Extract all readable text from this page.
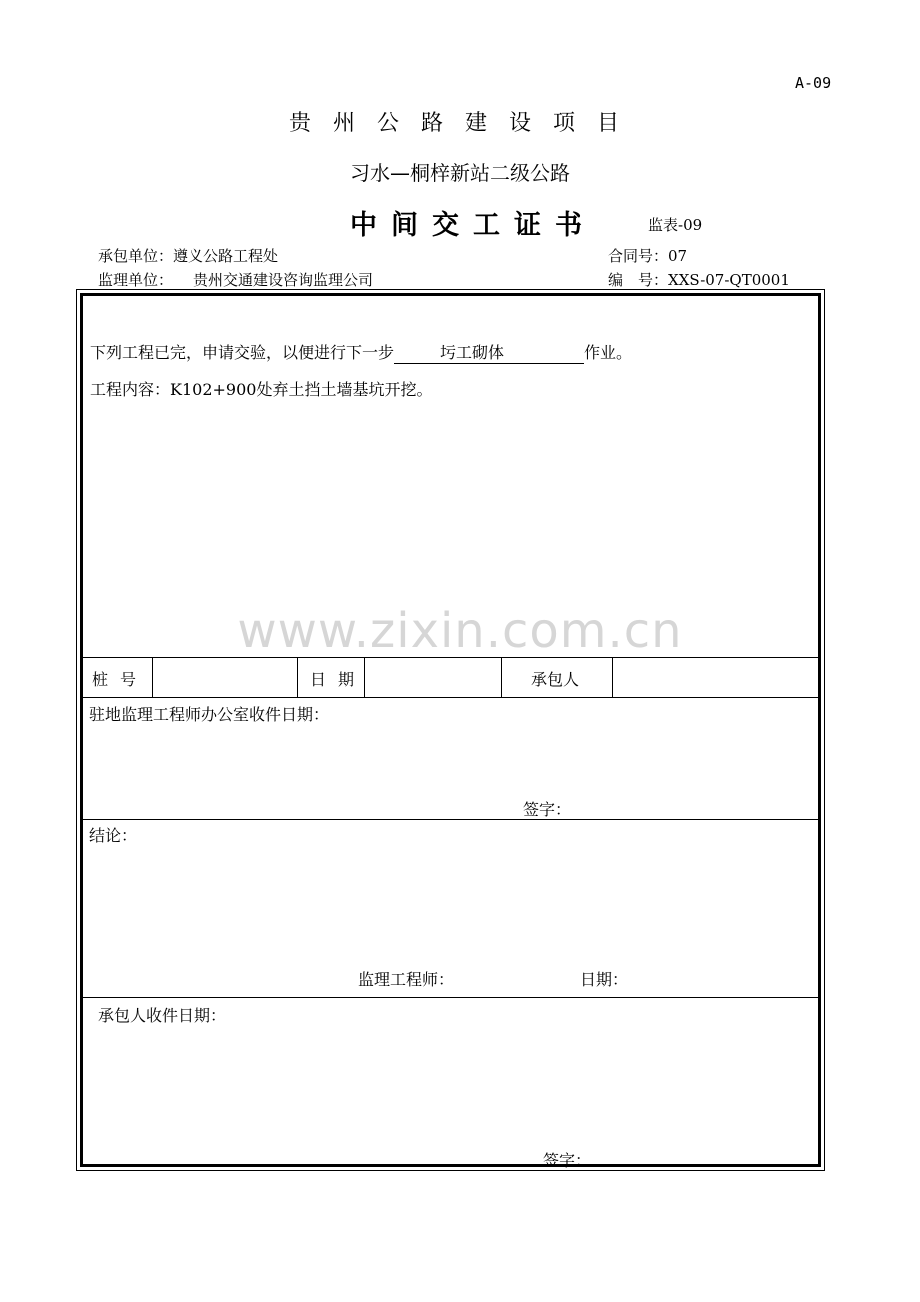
A-09
贵州公路建设项目
习水—桐梓新站二级公路
中间交工证书	监表-09
承包单位：遵义公路工程处	合同号：07
监理单位： 贵州交通建设咨询监理公司	编　号：XXS-07-QT0001
下列工程已完，申请交验，以便进行下一步	圬工砌体	作业。
工程内容：K102+900处弃土挡土墙基坑开挖。
www.zixin.com.cn
桩号	日期	承包人
驻地监理工程师办公室收件日期：
签字：
结论：
监理工程师：	日期：
承包人收件日期：
签字：
